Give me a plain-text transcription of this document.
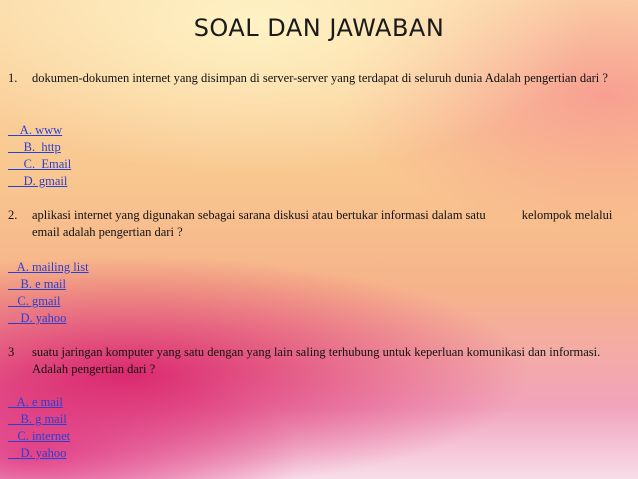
SOAL DAN JAWABAN
1.	dokumen-dokumen internet yang disimpan di server-server yang terdapat di seluruh dunia Adalah pengertian dari ?
A. www
B.  http
C.  Email
D. gmail
2.	aplikasi internet yang digunakan sebagai sarana diskusi atau bertukar informasi dalam satu	kelompok melalui email adalah pengertian dari ?
A. mailing list
B. e mail
C. gmail
D. yahoo
3	suatu jaringan komputer yang satu dengan yang lain saling terhubung untuk keperluan komunikasi dan informasi. Adalah pengertian dari ?
A. e mail
B. g mail
C. internet
D. yahoo
